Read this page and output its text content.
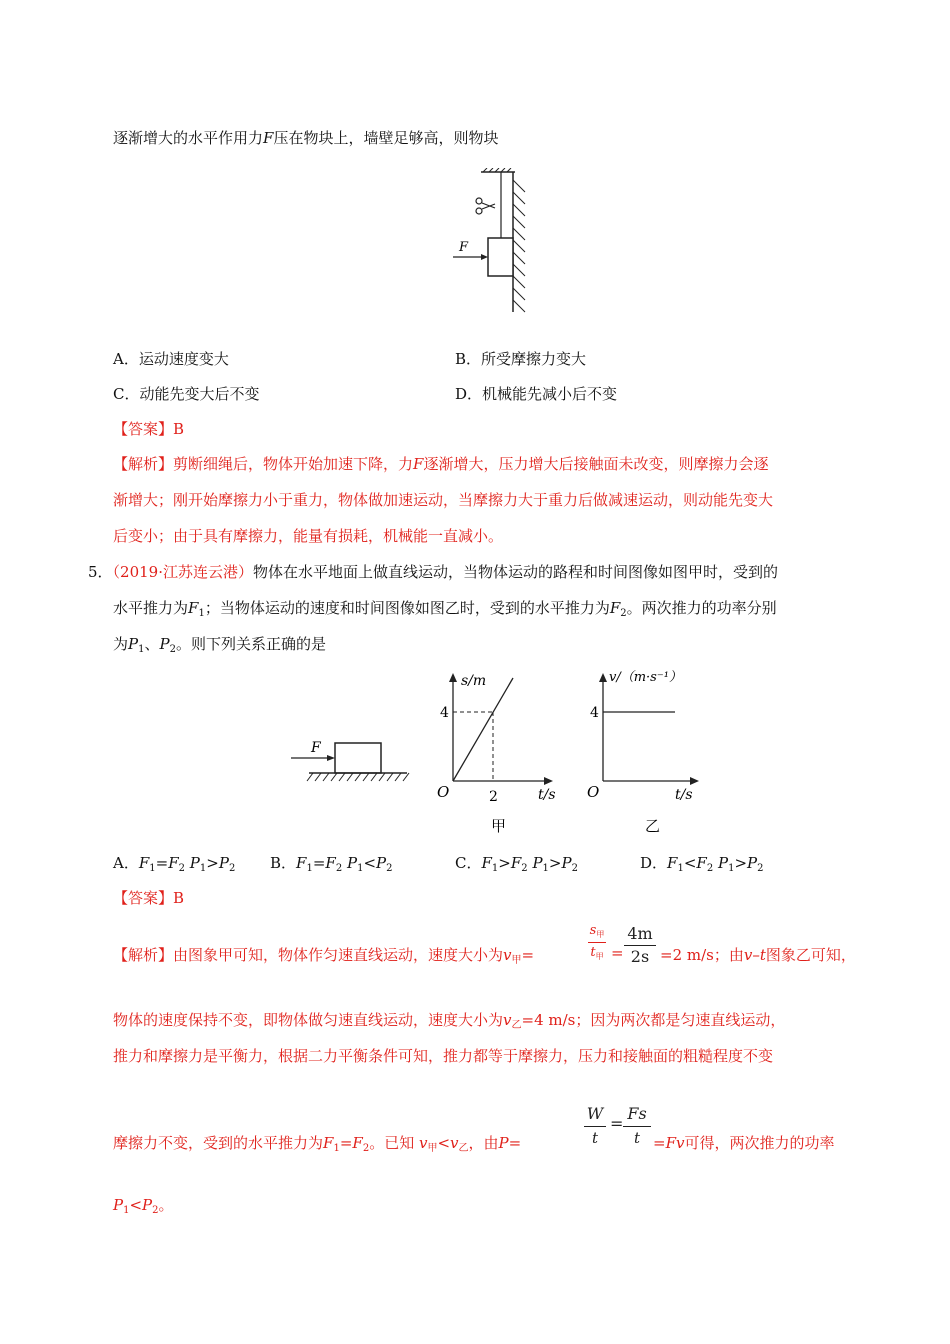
逐渐增大的水平作用力F压在物块上，墙壁足够高，则物块
F
A．运动速度变大	B．所受摩擦力变大
C．动能先变大后不变	D．机械能先减小后不变
【答案】B
【解析】剪断细绳后，物体开始加速下降，力F逐渐增大，压力增大后接触面未改变，则摩擦力会逐
渐增大；刚开始摩擦力小于重力，物体做加速运动，当摩擦力大于重力后做减速运动，则动能先变大
后变小；由于具有摩擦力，能量有损耗，机械能一直减小。
5．（2019·江苏连云港）物体在水平地面上做直线运动，当物体运动的路程和时间图像如图甲时，受到的
水平推力为$F_1$；当物体运动的速度和时间图像如图乙时，受到的水平推力为$F_2$。两次推力的功率分别
为$P_1$、$P_2$。则下列关系正确的是
F
s/m
t/s
O
4
2
甲
v/（m·s⁻¹）
t/s
O
4
乙
A．$F_1=F_2$ $P_1>P_2$ B．$F_1=F_2$ $P_1<P_2$	C．$F_1>F_2$ $P_1>P_2$	D．$F_1<F_2$ $P_1>P_2$
【答案】B
【解析】由图象甲可知，物体作匀速直线运动，速度大小为$v_甲=$
$s_甲$
$t_甲$ =
4m
2s =2 m/s；由v–t图象乙可知，
物体的速度保持不变，即物体做匀速直线运动，速度大小为$v_乙=4$ m/s；因为两次都是匀速直线运动，
推力和摩擦力是平衡力，根据二力平衡条件可知，推力都等于摩擦力，压力和接触面的粗糙程度不变
摩擦力不变，受到的水平推力为$F_1=F_2$。已知 $v_甲<v_乙$，由P=
W
t
=
Fs
t =Fv可得，两次推力的功率
$P_1<P_2$。
